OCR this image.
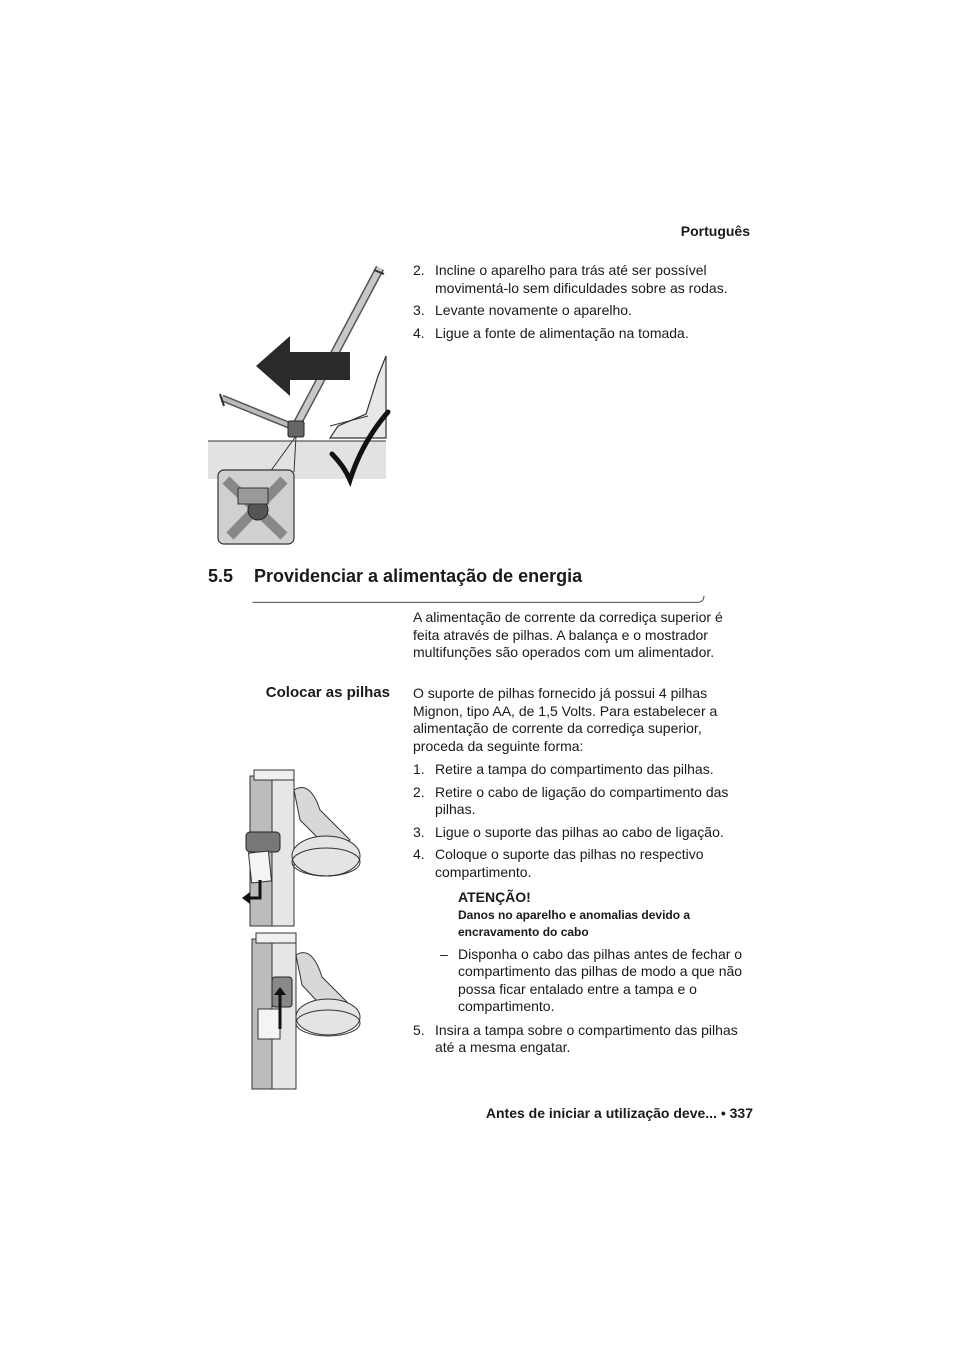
Português
2. Incline o aparelho para trás até ser possível movimentá-lo sem dificuldades sobre as rodas.
3. Levante novamente o aparelho.
4. Ligue a fonte de alimentação na tomada.
5.5 Providenciar a alimentação de energia
A alimentação de corrente da corrediça superior é feita através de pilhas. A balança e o mostrador multifunções são operados com um alimentador.
Colocar as pilhas O suporte de pilhas fornecido já possui 4 pilhas Mignon, tipo AA, de 1,5 Volts. Para estabelecer a alimentação de corrente da corrediça superior, proceda da seguinte forma:
1. Retire a tampa do compartimento das pilhas.
2. Retire o cabo de ligação do compartimento das pilhas.
3. Ligue o suporte das pilhas ao cabo de ligação.
4. Coloque o suporte das pilhas no respectivo compartimento.
ATENÇÃO!
Danos no aparelho e anomalias devido a encravamento do cabo
– Disponha o cabo das pilhas antes de fechar o compartimento das pilhas de modo a que não possa ficar entalado entre a tampa e o compartimento.
5. Insira a tampa sobre o compartimento das pilhas até a mesma engatar.
Antes de iniciar a utilização deve... • 337
